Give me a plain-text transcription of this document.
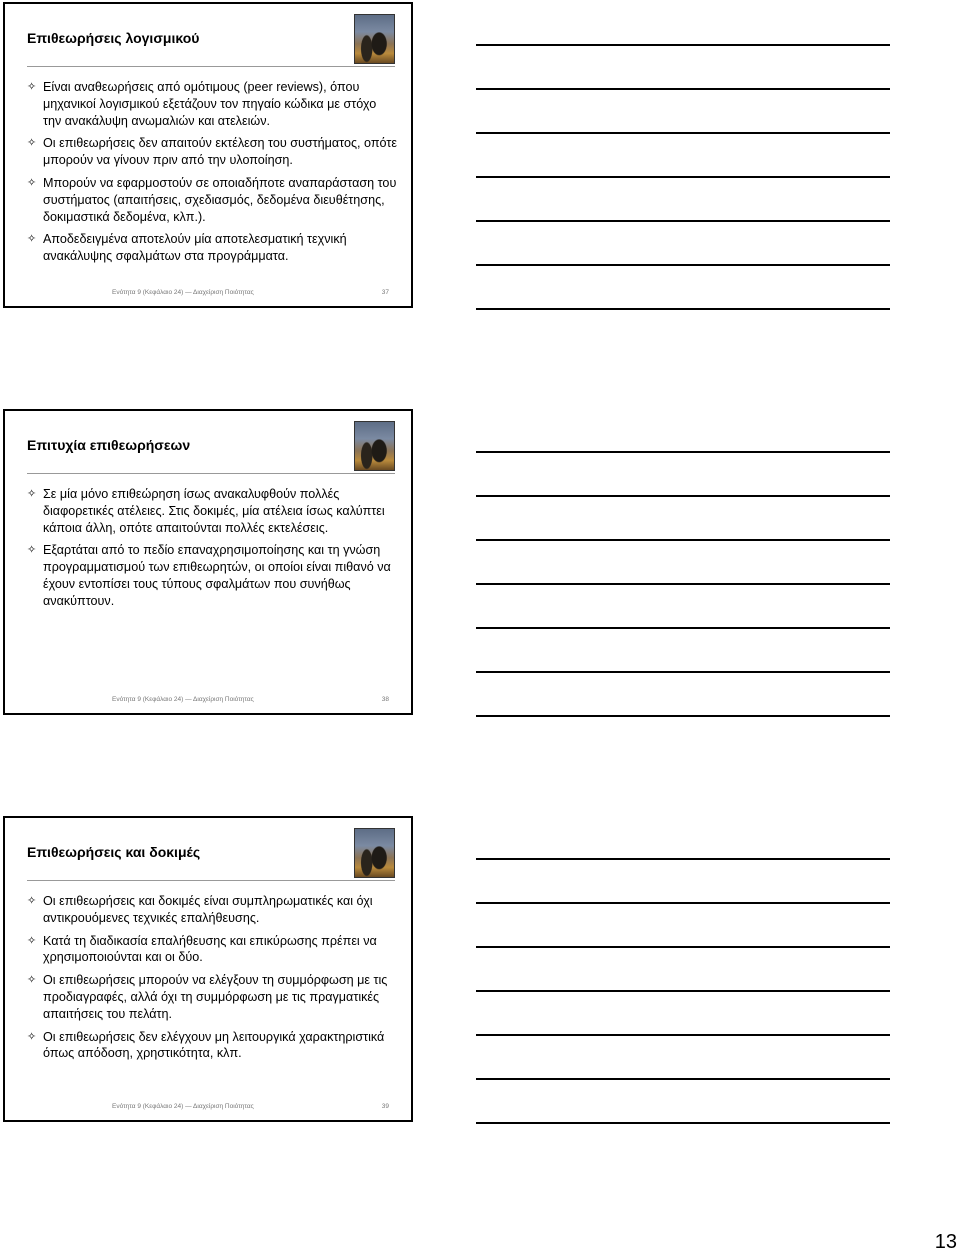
Επιθεωρήσεις λογισμικού
✧ Είναι αναθεωρήσεις από ομότιμους (peer reviews), όπου μηχανικοί λογισμικού εξετάζουν τον πηγαίο κώδικα με στόχο την ανακάλυψη ανωμαλιών και ατελειών.
✧ Οι επιθεωρήσεις δεν απαιτούν εκτέλεση του συστήματος, οπότε μπορούν να γίνουν πριν από την υλοποίηση.
✧ Μπορούν να εφαρμοστούν σε οποιαδήποτε αναπαράσταση του συστήματος (απαιτήσεις, σχεδιασμός, δεδομένα διευθέτησης, δοκιμαστικά δεδομένα, κλπ.).
✧ Αποδεδειγμένα αποτελούν μία αποτελεσματική τεχνική ανακάλυψης σφαλμάτων στα προγράμματα.
Ενότητα 9 (Κεφάλαιο 24) — Διαχείριση Ποιότητας	37
Επιτυχία επιθεωρήσεων
✧ Σε μία μόνο επιθεώρηση ίσως ανακαλυφθούν πολλές διαφορετικές ατέλειες. Στις δοκιμές, μία ατέλεια ίσως καλύπτει κάποια άλλη, οπότε απαιτούνται πολλές εκτελέσεις.
✧ Εξαρτάται από το πεδίο επαναχρησιμοποίησης και τη γνώση προγραμματισμού των επιθεωρητών, οι οποίοι είναι πιθανό να έχουν εντοπίσει τους τύπους σφαλμάτων που συνήθως ανακύπτουν.
Ενότητα 9 (Κεφάλαιο 24) — Διαχείριση Ποιότητας	38
Επιθεωρήσεις και δοκιμές
✧ Οι επιθεωρήσεις και δοκιμές είναι συμπληρωματικές και όχι αντικρουόμενες τεχνικές επαλήθευσης.
✧ Κατά τη διαδικασία επαλήθευσης και επικύρωσης πρέπει να χρησιμοποιούνται και οι δύο.
✧ Οι επιθεωρήσεις μπορούν να ελέγξουν τη συμμόρφωση με τις προδιαγραφές, αλλά όχι τη συμμόρφωση με τις πραγματικές απαιτήσεις του πελάτη.
✧ Οι επιθεωρήσεις δεν ελέγχουν μη λειτουργικά χαρακτηριστικά όπως απόδοση, χρηστικότητα, κλπ.
Ενότητα 9 (Κεφάλαιο 24) — Διαχείριση Ποιότητας	39
13
